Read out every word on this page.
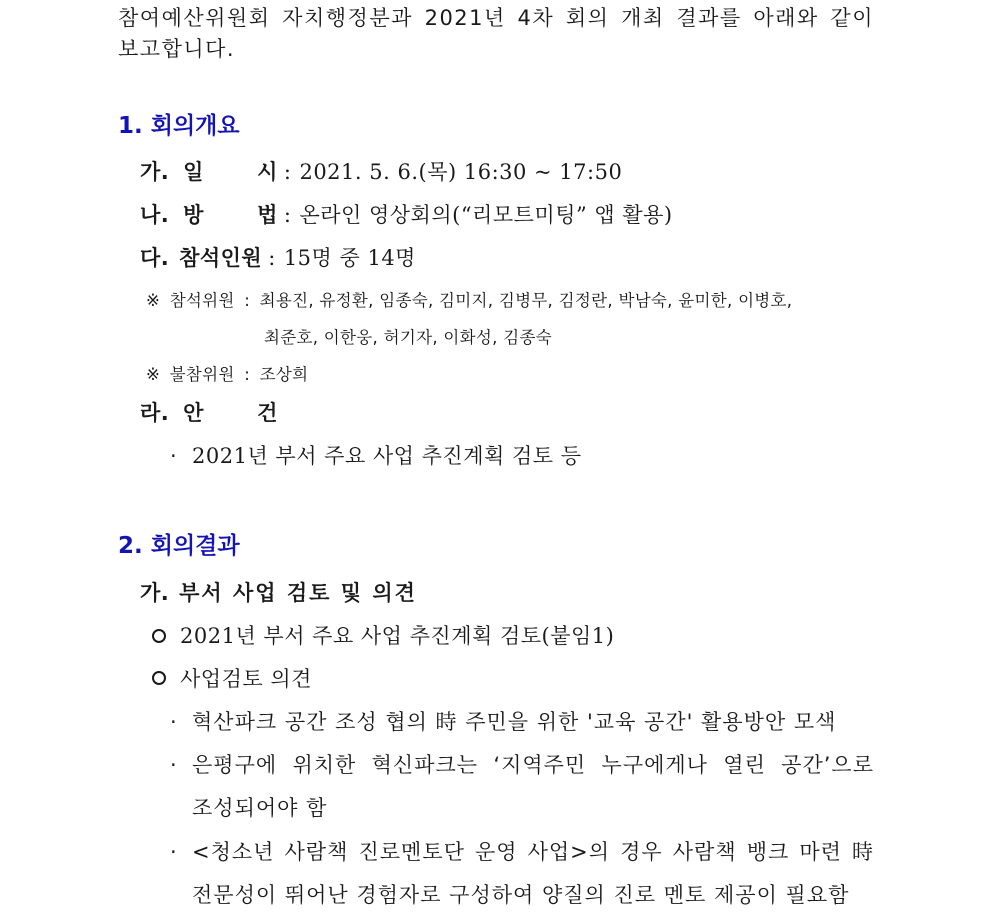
참여예산위원회 자치행정분과 2021년 4차 회의 개최 결과를 아래와 같이
보고합니다.
1. 회의개요
가. 일	시 : 2021. 5. 6.(목) 16:30 ~ 17:50
나. 방	법 : 온라인 영상회의(“리모트미팅” 앱 활용)
다. 참석인원 : 15명 중 14명
※ 참석위원 : 최용진, 유정환, 임종숙, 김미지, 김병무, 김정란, 박남숙, 윤미한, 이병호,
최준호, 이한웅, 허기자, 이화성, 김종숙
※ 불참위원 : 조상희
라. 안	건
· 2021년 부서 주요 사업 추진계획 검토 등
2. 회의결과
가. 부서 사업 검토 및 의견
2021년 부서 주요 사업 추진계획 검토(붙임1)
사업검토 의견
· 혁산파크 공간 조성 협의 時 주민을 위한 '교육 공간' 활용방안 모색
· 은평구에 위치한 혁신파크는 ‘지역주민 누구에게나 열린 공간’으로
조성되어야 함
· <청소년 사람책 진로멘토단 운영 사업>의 경우 사람책 뱅크 마련 時
전문성이 뛰어난 경험자로 구성하여 양질의 진로 멘토 제공이 필요함
